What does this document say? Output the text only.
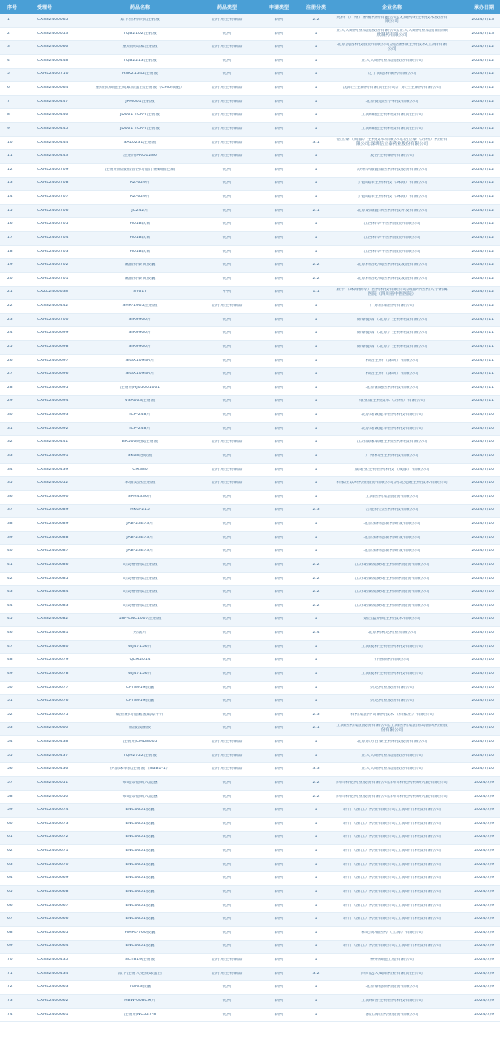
序号	受理号	药品名称	药品类型	申请类型	注册分类	企业名称	承办日期
1	CXSS2400065	紫卡拉利单抗注射液	治疗用生物制品	新药	2.2	兆科（广州）肿瘤药物有限公司;无锡药明生物技术股份有限公司	2024/7/13
2	CXSS2400053	TQB2102注射液	化药	新药	1	正大天晴药业集团股份有限公司;正大天晴药业集团南京顺欣制药有限公司	2024/7/13
3	CXSS2400066	重组胰岛素注射液	治疗用生物制品	新药	1	北京凯因科技股份有限公司;凯因格领生物技术(上海)有限公司	2024/7/12
4	CXSS2400448	TQB2213注射液	化药	新药	1	正大天晴药业集团股份有限公司	2024/7/12
5	CXHL2400710	HSK21542注射液	化药	新药	1	辽宁海思科制药有限公司	2024/7/12
6	CXSS2400064	重组抗细胞生成素原蛋白注射液（CHO细胞）	治疗用生物制品	新药	1	沈阳三生制药有限责任公司;广东三生制药有限公司	2024/7/12
7	CXSS2400447	JPM001注射液	治疗用生物制品	新药	1	北京捷思医学科技有限公司	2024/7/12
8	CXSS2400446	JD001 TCR-T注射液	治疗用生物制品	新药	1	上海细胞生物科技有限责任公司	2024/7/12
9	CXSS2400445	JD001 TCR-T注射液	治疗用生物制品	新药	1	上海细胞生物科技有限责任公司	2024/7/12
10	CXSS2400444	SAL0231注射液	治疗用生物制品	新药	3.1	信立泰（成都）生物技术有限公司;信立泰（苏州）药业有限公司;深圳信立泰药业股份有限公司	2024/7/12
11	CXSS2400443	注射用PRO1286	治疗用生物制品	新药	1	复杏生物制药有限公司	2024/7/12
12	CXHL2400709	注射用盐酸依替西司他汀钠磷酸巴硝	化药	新药	1	苏州华澈健康医药科技股份有限公司	2024/7/12
13	CXHL2400708	RZ-629片	化药	新药	1	宁德瑞泽生物科技（珠海）有限公司	2024/7/12
14	CXHL2400707	RZ-629片	化药	新药	1	宁德瑞泽生物科技（珠海）有限公司	2024/7/12
15	CXHL2400706	JC242片	化药	新药	2.1	北京诺诚健华医药科技开发有限公司	2024/7/12
16	CXHL2400705	H01B软膏	化药	新药	1	江西科华平医药股份有限公司	2024/7/12
17	CXHL2400704	H01B软膏	化药	新药	1	江西科华平医药股份有限公司	2024/7/12
18	CXHL2400703	H01B软膏	化药	新药	1	江西科华平医药股份有限公司	2024/7/12
19	CXHL2400702	氟酸特泰黄胶囊	化药	新药	2.2	北京科信必成医药科技发展有限公司	2024/7/12
20	CXHL2400701	氟酸特泰黄胶囊	化药	新药	2.2	北京科信必成医药科技发展有限公司	2024/7/12
21	CXZL2400038	SY617	中药	新药	1.1	晨宇（珠海横琴）医药科技有限公司;成都中医药大学附属医院（四川省中医医院）	2024/7/12
22	CXSS2400442	SHR-1905注射液	治疗用生物制品	新药	1	广东恒瑞医药有限公司	2024/7/12
23	CXHL2400700	SIR9900片	化药	新药	1	锦泰健瑞（北京）生物科技有限公司	2024/7/11
24	CXHL2400699	SIR9900片	化药	新药	1	锦泰健瑞（北京）生物科技有限公司	2024/7/11
25	CXHL2400698	SIR9900片	化药	新药	1	锦泰健瑞（北京）生物科技有限公司	2024/7/11
26	CXHL2400697	SIGX1094R片	化药	新药	1	和信生科（深圳）有限公司	2024/7/11
27	CXHL2400696	SIGX1094R片	化药	新药	1	和信生科（深圳）有限公司	2024/7/11
28	CXHL2400695	注射用HJ05001001	化药	新药	1	北京循通医药科技有限公司	2024/7/11
29	CXHL2400694	VSA003注射液	化药	新药	1	维亚康生物技术（苏州）有限公司	2024/7/11
30	CXHL2400693	ICP-248片	化药	新药	1	北京诺诚健华医药科技有限公司	2024/7/10
31	CXHL2400692	ICP-248片	化药	新药	1	北京诺诚健华医药科技有限公司	2024/7/10
32	CXSS2400441	BR500硬膜注射液	治疗用生物制品	新药	1	江苏康缘瑞翱生物医药科技有限公司	2024/7/10
33	CXHL2400691	SK08进眼液	化药	新药	1	广州和西生物科技有限公司	2024/7/10
34	CXSS2400439	CM380	治疗用生物制品	新药	1	康诺亚生物医药科技（成都）有限公司	2024/7/10
35	CXSS2400052	苯胺美洛注射液	治疗用生物制品	新药	1	石家庄以岭药业股份有限公司;河北克隆生物技术有限公司	2024/7/10
36	CXHL2400690	SPH4336片	化药	新药	1	上海医药集团股份有限公司	2024/7/10
37	CXHL2400689	HKG-215	化药	新药	2.3	合肥特合医药科技有限公司	2024/7/10
38	CXHL2400689	JAB-23E73片	化药	新药	1	北京加科思新药研发有限公司	2024/7/10
39	CXHL2400688	JAB-23E73片	化药	新药	1	北京加科思新药研发有限公司	2024/7/10
40	CXHL2400687	JAB-23E73片	化药	新药	1	北京加科思新药研发有限公司	2024/7/10
41	CXHL2400686	司美格鲁肽注射液	化药	新药	2.2	江苏诺泰澳赛诺生物制药股份有限公司	2024/7/10
42	CXHL2400685	司美格鲁肽注射液	化药	新药	2.2	江苏诺泰澳赛诺生物制药股份有限公司	2024/7/10
43	CXHL2400684	司美格鲁肽注射液	化药	新药	2.2	江苏诺泰澳赛诺生物制药股份有限公司	2024/7/10
44	CXHL2400683	司美格鲁肽注射液	化药	新药	2.2	江苏诺泰澳赛诺生物制药股份有限公司	2024/7/10
45	CXSS2400682	18F-LNC1007注射液	化药	新药	1	烟台蓝纳成生物技术有限公司	2024/7/10
46	CXHL2400681	羟氯片	化药	新药	2.4	北京柯利达药业有限公司	2024/7/10
47	CXHL2400680	WJ47156片	化药	新药	1	上海爱科生物医药科技有限公司	2024/7/10
48	CXHL2400679	QLM2014	化药	新药	1	齐鲁制药有限公司	2024/7/10
49	CXHL2400678	WJ47156片	化药	新药	1	上海爱科生物医药科技有限公司	2024/7/10
50	CXHL2400677	CFT8919胶囊	化药	新药	1	贝达药业股份有限公司	2024/7/10
51	CXHL2400676	CFT8919胶囊	化药	新药	1	贝达药业股份有限公司	2024/7/10
52	CXHL2400675	硫拉帕司他氟氢硫嘌平片	化药	新药	2.3	石药集团中奇制药技术（石家庄）有限公司	2024/7/10
53	CXSS2400600	盐酸溴酮胶	化药	新药	2.1	上海医药集团股份有限公司;上海医药集团青岛国风药业股份有限公司	2024/7/10
54	CXSS2400438	注射用CMD8005	治疗用生物制品	新药	1	北京东方百泰生物科技股份有限公司	2024/7/10
55	CXSS2400437	TQH2722注射液	治疗用生物制品	新药	1	正大天晴药业集团股份有限公司	2024/7/10
56	CXSS2400436	伊法珠单抗注射液（NaB1-1）	治疗用生物制品	新药	3.3	正大天晴药业集团股份有限公司	2024/7/10
57	CXSS2400051	布地奈德吸入混悬	化药	新药	2.2	四川科伦药业股份有限公司;四川科伦药物研究院有限公司	2024/7/9
58	CXSS2400050	布地奈德吸入混悬	化药	新药	2.2	四川科伦药业股份有限公司;四川科伦药物研究院有限公司	2024/7/9
59	CXHL2400674	ENC0651胶囊	化药	新药	1	轩竹（浙江）药业有限公司;上海轩竹科技有限公司	2024/7/9
60	CXHL2400673	ENC0651胶囊	化药	新药	1	轩竹（浙江）药业有限公司;上海轩竹科技有限公司	2024/7/9
61	CXHL2400672	ENC0651胶囊	化药	新药	1	轩竹（浙江）药业有限公司;上海轩竹科技有限公司	2024/7/9
62	CXHL2400671	ENC0651胶囊	化药	新药	1	轩竹（浙江）药业有限公司;上海轩竹科技有限公司	2024/7/9
63	CXHL2400670	ENC0651胶囊	化药	新药	1	轩竹（浙江）药业有限公司;上海轩竹科技有限公司	2024/7/9
64	CXHL2400669	ENC0651胶囊	化药	新药	1	轩竹（浙江）药业有限公司;上海轩竹科技有限公司	2024/7/9
65	CXHL2400668	ENC0651胶囊	化药	新药	1	轩竹（浙江）药业有限公司;上海轩竹科技有限公司	2024/7/9
66	CXHL2400667	ENC0651胶囊	化药	新药	1	轩竹（浙江）药业有限公司;上海轩竹科技有限公司	2024/7/9
67	CXHL2400666	ENC0651胶囊	化药	新药	1	轩竹（浙江）药业有限公司;上海轩竹科技有限公司	2024/7/9
68	CXHL2400665	HMPL-760胶囊	化药	新药	1	和记黄埔医药（上海）有限公司	2024/7/9
69	CXHL2400664	ENC0651胶囊	化药	新药	1	轩竹（浙江）药业有限公司;上海轩竹科技有限公司	2024/7/9
70	CXSS2400435	SCT819注射液	治疗用生物制品	新药	1	神州细胞工程有限公司	2024/7/9
71	CXSS2400434	派下注射人免疫球蛋白	治疗用生物制品	新药	3.2	四川远大蜀阳药业有限责任公司	2024/7/9
72	CXHL2400663	TGRI3胶囊	化药	新药	1	北京泰德制药股份有限公司	2024/7/9
73	CXHL2400662	HBW-008CM片	化药	新药	1	上海和誉生物医药科技有限公司	2024/7/9
74	CXHL2400661	注射用NC527-8	化药	新药	1	浙江海正药业股份有限公司	2024/7/9
